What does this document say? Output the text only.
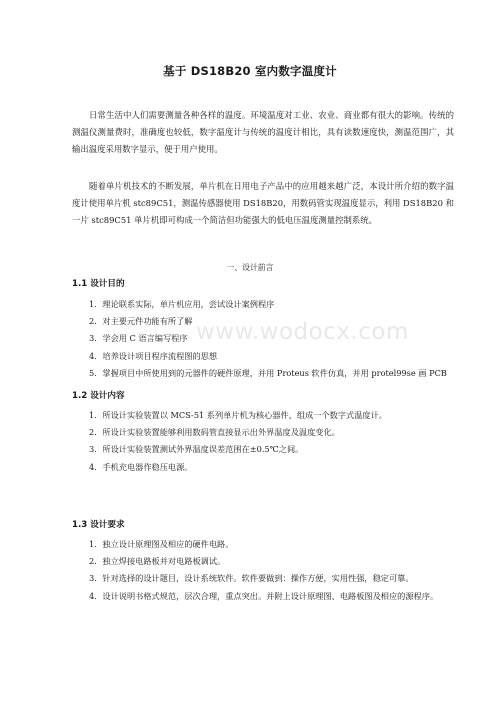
基于 DS18B20 室内数字温度计

日常生活中人们需要测量各种各样的温度。环境温度对工业、农业、商业都有很大的影响。传统的测温仪测量费时，准确度也较低，数字温度计与传统的温度计相比，具有读数速度快，测温范围广，其输出温度采用数字显示，便于用户使用。

随着单片机技术的不断发展，单片机在日用电子产品中的应用越来越广泛，本设计所介绍的数字温度计使用单片机 stc89C51，测温传感器使用 DS18B20，用数码管实现温度显示，利用 DS18B20 和一片 stc89C51 单片机即可构成一个简洁但功能强大的低电压温度测量控制系统。

一、设计前言
1.1 设计目的
1．理论联系实际，单片机应用，尝试设计案例程序
2．对主要元件功能有所了解
3．学会用 C 语言编写程序
4．培养设计项目程序流程图的思想
5．掌握项目中所使用到的元器件的硬件原理，并用 Proteus 软件仿真，并用 protel99se 画 PCB
1.2 设计内容
1．所设计实验装置以 MCS-51 系列单片机为核心器件，组成一个数字式温度计。
2．所设计实验装置能够利用数码管直接显示出外界温度及温度变化。
3．所设计实验装置测试外界温度误差范围在±0.5℃之间。
4．手机充电器作稳压电源。
1.3 设计要求
1．独立设计原理图及相应的硬件电路。
2．独立焊接电路板并对电路板调试。
3．针对选择的设计题目，设计系统软件。软件要做到：操作方便，实用性强，稳定可靠。
4．设计说明书格式规范，层次合理，重点突出。并附上设计原理图、电路板图及相应的源程序。
www.wodocx.com
